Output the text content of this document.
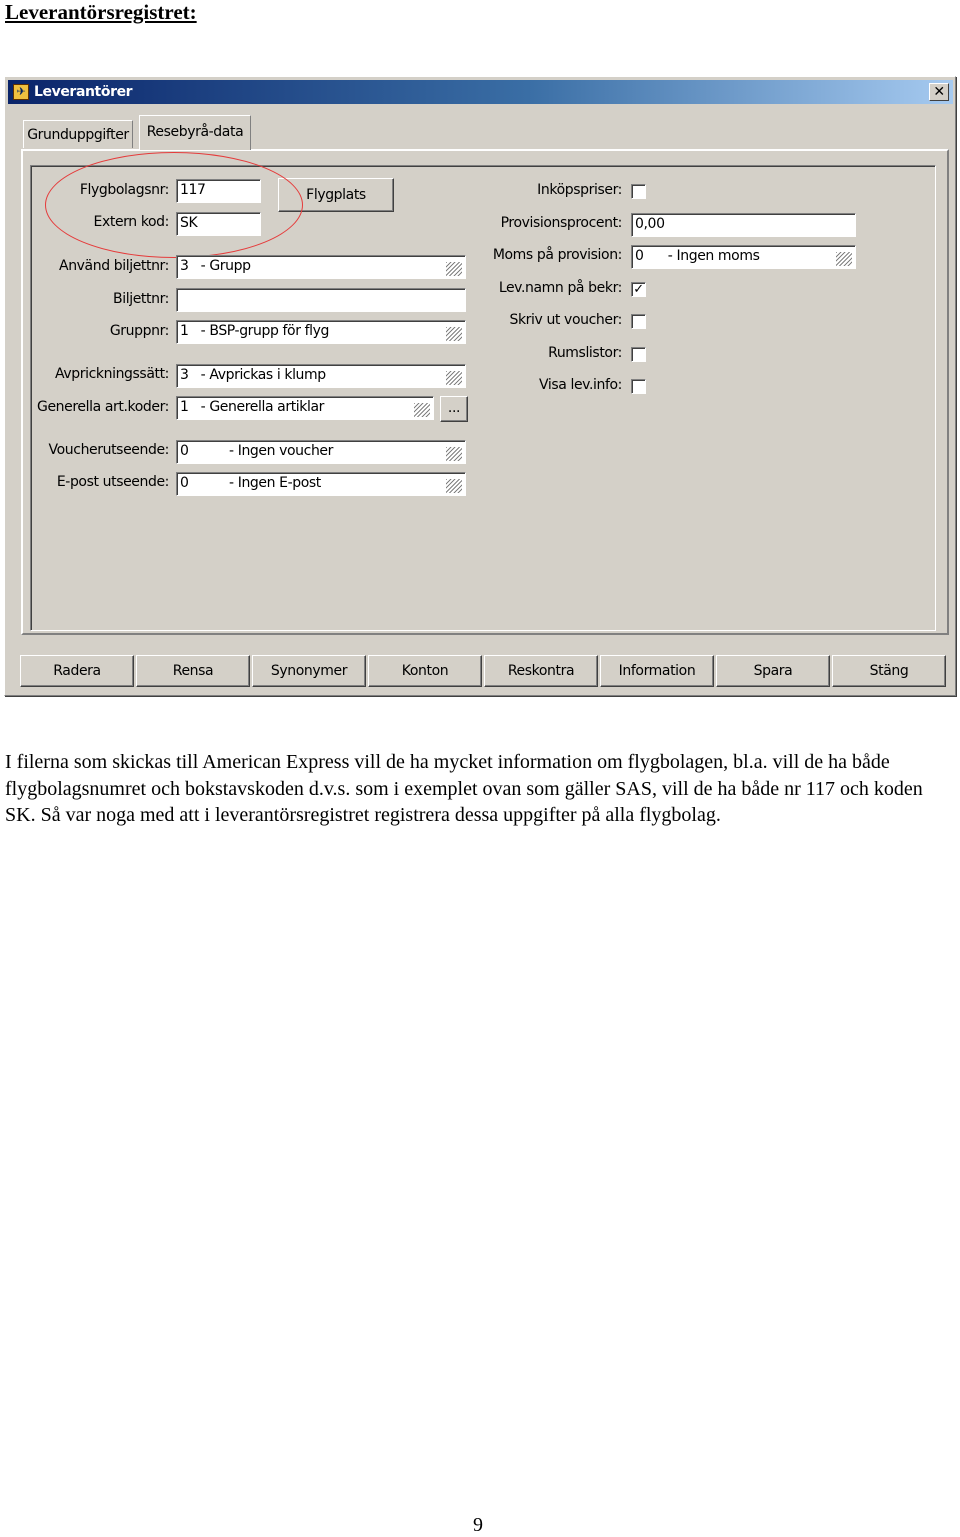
Leverantörsregistret:
✈ Leverantörer	✕
Grunduppgifter	Resebyrå-data
Flygbolagsnr: 117
Extern kod: SK
Flygplats
Använd biljettnr: 3   - Grupp
Biljettnr:
Gruppnr: 1   - BSP-grupp för flyg
Avprickningssätt: 3   - Avprickas i klump
Generella art.koder: 1   - Generella artiklar	...
Voucherutseende: 0          - Ingen voucher
E-post utseende: 0          - Ingen E-post
Inköpspriser:
Provisionsprocent: 0,00
Moms på provision: 0      - Ingen moms
Lev.namn på bekr: ✓
Skriv ut voucher:
Rumslistor:
Visa lev.info:
Radera	Rensa	Synonymer	Konton	Reskontra	Information	Spara	Stäng

I filerna som skickas till American Express vill de ha mycket information om flygbolagen, bl.a. vill de ha både flygbolagsnumret och bokstavskoden d.v.s. som i exemplet ovan som gäller SAS, vill de ha både nr 117 och koden SK. Så var noga med att i leverantörsregistret registrera dessa uppgifter på alla flygbolag.

9
